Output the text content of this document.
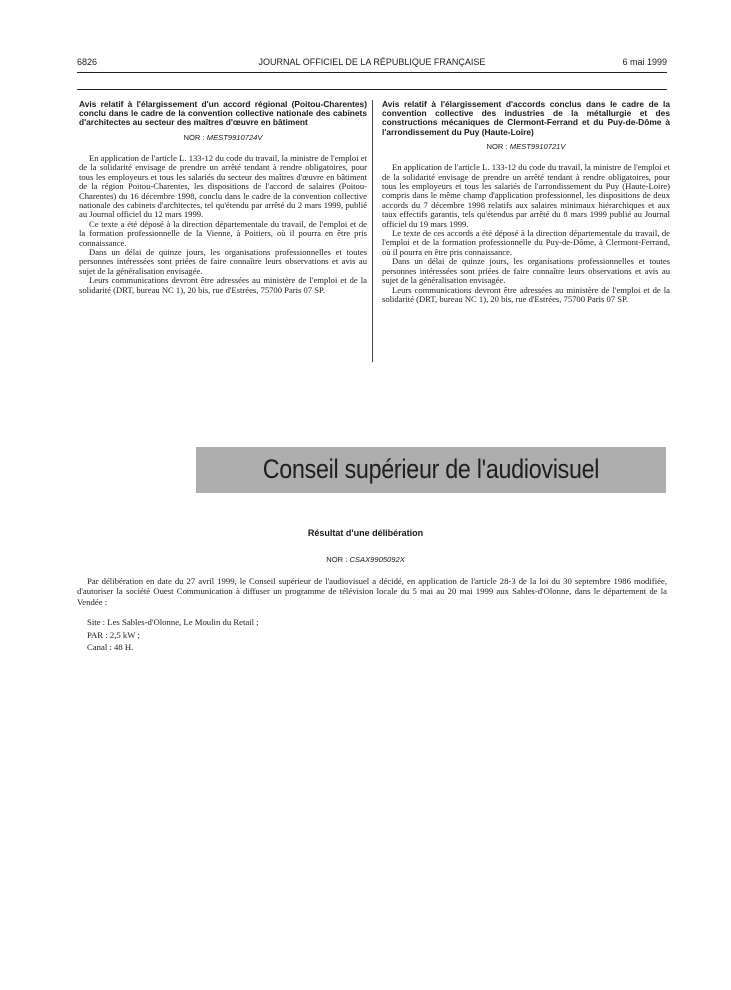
6826	JOURNAL OFFICIEL DE LA RÉPUBLIQUE FRANÇAISE	6 mai 1999

Avis relatif à l'élargissement d'un accord régional (Poitou-Charentes) conclu dans le cadre de la convention collective nationale des cabinets d'architectes au secteur des maîtres d'œuvre en bâtiment

NOR : MEST9910724V

En application de l'article L. 133-12 du code du travail, la ministre de l'emploi et de la solidarité envisage de prendre un arrêté tendant à rendre obligatoires, pour tous les employeurs et tous les salariés du secteur des maîtres d'œuvre en bâtiment de la région Poitou-Charentes, les dispositions de l'accord de salaires (Poitou-Charentes) du 16 décembre 1998, conclu dans le cadre de la convention collective nationale des cabinets d'architectes, tel qu'étendu par arrêté du 2 mars 1999, publié au Journal officiel du 12 mars 1999.

Ce texte a été déposé à la direction départementale du travail, de l'emploi et de la formation professionnelle de la Vienne, à Poitiers, où il pourra en être pris connaissance.

Dans un délai de quinze jours, les organisations professionnelles et toutes personnes intéressées sont priées de faire connaître leurs observations et avis au sujet de la généralisation envisagée.

Leurs communications devront être adressées au ministère de l'emploi et de la solidarité (DRT, bureau NC 1), 20 bis, rue d'Estrées, 75700 Paris 07 SP.

Avis relatif à l'élargissement d'accords conclus dans le cadre de la convention collective des industries de la métallurgie et des constructions mécaniques de Clermont-Ferrand et du Puy-de-Dôme à l'arrondissement du Puy (Haute-Loire)

NOR : MEST9910721V

En application de l'article L. 133-12 du code du travail, la ministre de l'emploi et de la solidarité envisage de prendre un arrêté tendant à rendre obligatoires, pour tous les employeurs et tous les salariés de l'arrondissement du Puy (Haute-Loire) compris dans le même champ d'application professionnel, les dispositions de deux accords du 7 décembre 1998 relatifs aux salaires minimaux hiérarchiques et aux taux effectifs garantis, tels qu'étendus par arrêté du 8 mars 1999 publié au Journal officiel du 19 mars 1999.

Le texte de ces accords a été déposé à la direction départementale du travail, de l'emploi et de la formation professionnelle du Puy-de-Dôme, à Clermont-Ferrand, où il pourra en être pris connaissance.

Dans un délai de quinze jours, les organisations professionnelles et toutes personnes intéressées sont priées de faire connaître leurs observations et avis au sujet de la généralisation envisagée.

Leurs communications devront être adressées au ministère de l'emploi et de la solidarité (DRT, bureau NC 1), 20 bis, rue d'Estrées, 75700 Paris 07 SP.

Conseil supérieur de l'audiovisuel
Résultat d'une délibération
NOR : CSAX9905092X

Par délibération en date du 27 avril 1999, le Conseil supérieur de l'audiovisuel a décidé, en application de l'article 28-3 de la loi du 30 septembre 1986 modifiée, d'autoriser la société Ouest Communication à diffuser un programme de télévision locale du 5 mai au 20 mai 1999 aux Sables-d'Olonne, dans le département de la Vendée :

Site : Les Sables-d'Olonne, Le Moulin du Retail ;
PAR : 2,5 kW ;
Canal : 48 H.
